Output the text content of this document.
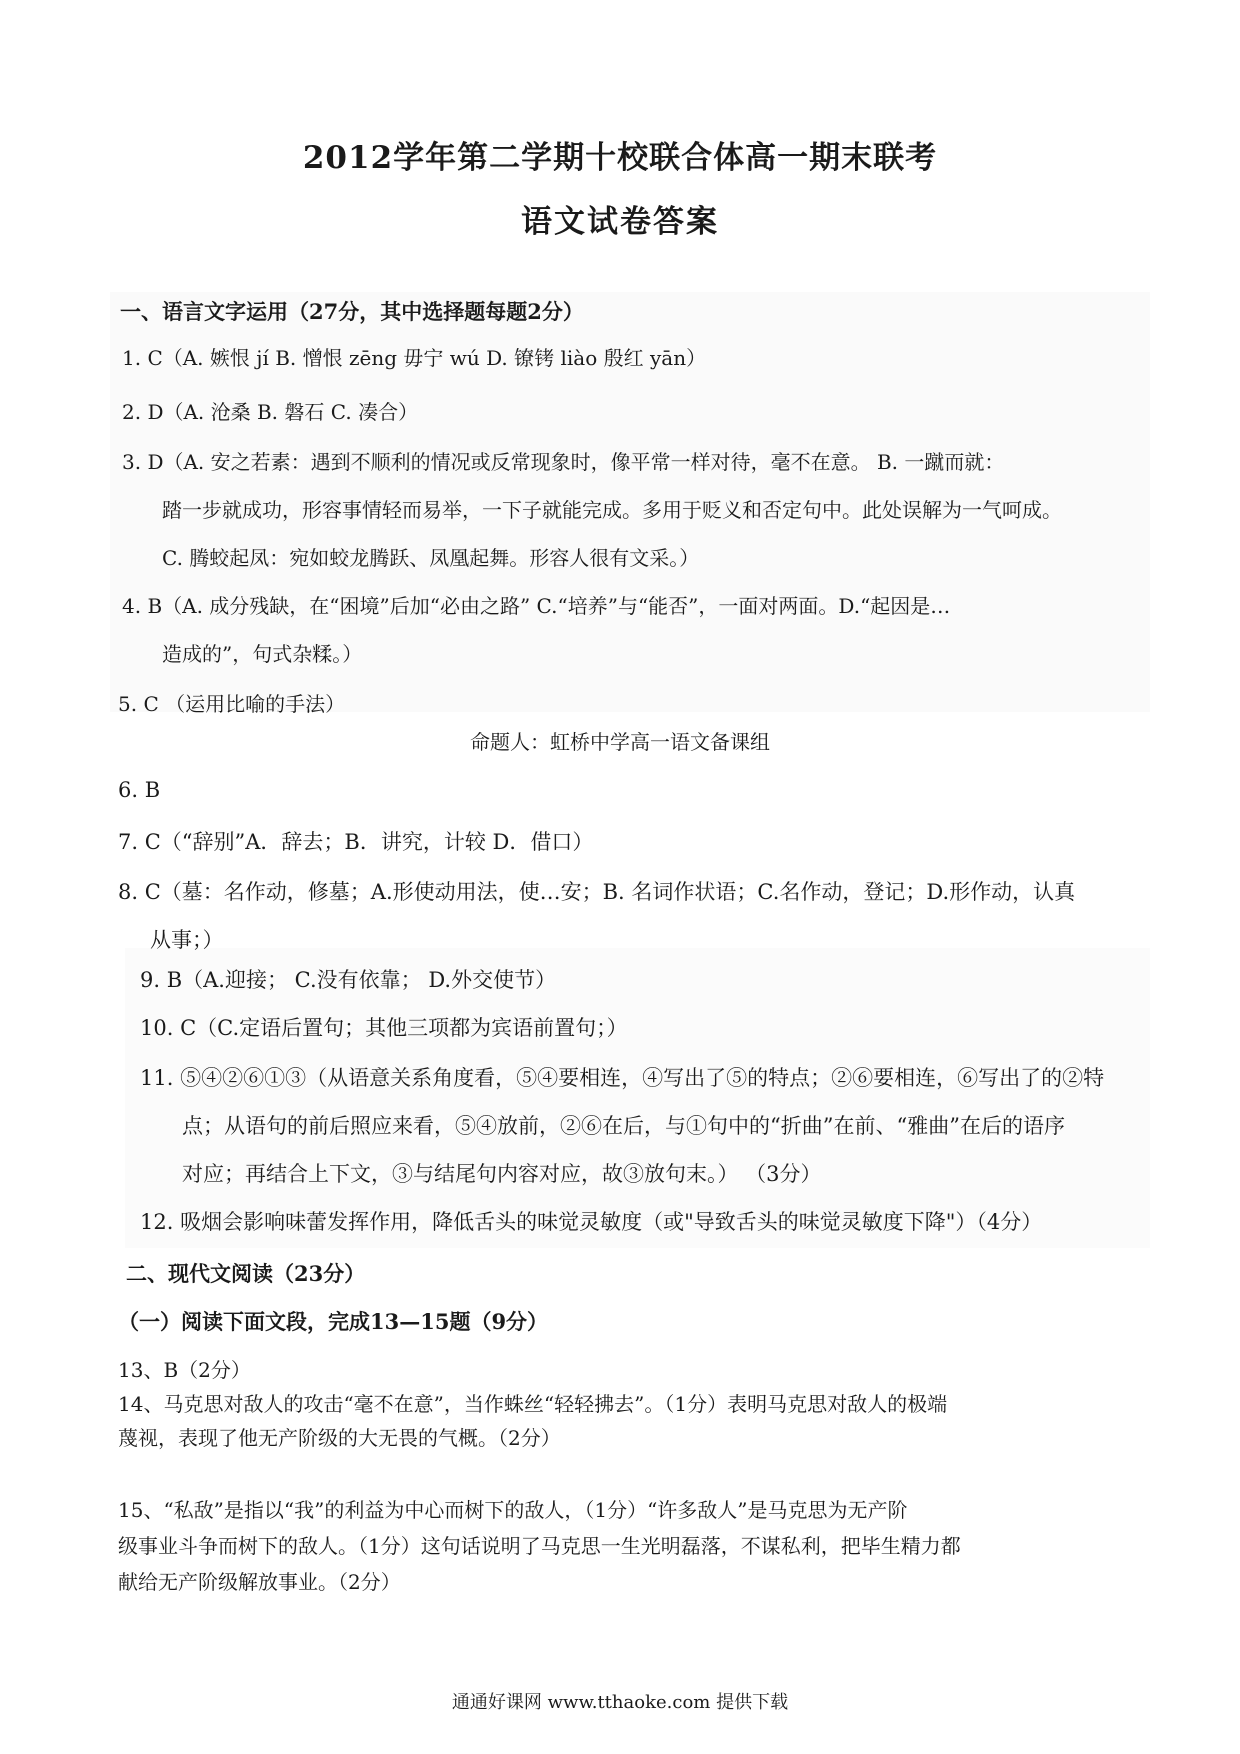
2012学年第二学期十校联合体高一期末联考
语文试卷答案
一、语言文字运用（27分，其中选择题每题2分）
1. C（A. 嫉恨 jí B. 憎恨 zēng 毋宁 wú D. 镣铐 liào 殷红 yān）
2. D（A. 沧桑 B. 磐石 C. 凑合）
3. D（A. 安之若素：遇到不顺利的情况或反常现象时，像平常一样对待，毫不在意。 B. 一蹴而就：
踏一步就成功，形容事情轻而易举，一下子就能完成。多用于贬义和否定句中。此处误解为一气呵成。
C. 腾蛟起凤：宛如蛟龙腾跃、凤凰起舞。形容人很有文采。）
4. B（A. 成分残缺，在“困境”后加“必由之路” C.“培养”与“能否”，一面对两面。D.“起因是…
造成的”，句式杂糅。）
5. C （运用比喻的手法）
命题人：虹桥中学高一语文备课组
6. B
7. C（“辞别”A．辞去；B．讲究，计较 D．借口）
8. C（墓：名作动，修墓；A.形使动用法，使…安；B. 名词作状语；C.名作动，登记；D.形作动，认真
从事；）
9. B（A.迎接； C.没有依靠； D.外交使节）
10. C（C.定语后置句；其他三项都为宾语前置句；）
11. ⑤④②⑥①③（从语意关系角度看，⑤④要相连，④写出了⑤的特点；②⑥要相连，⑥写出了的②特
点；从语句的前后照应来看，⑤④放前，②⑥在后，与①句中的“折曲”在前、“雅曲”在后的语序
对应；再结合上下文，③与结尾句内容对应，故③放句末。） （3分）
12. 吸烟会影响味蕾发挥作用，降低舌头的味觉灵敏度（或"导致舌头的味觉灵敏度下降"）（4分）
二、现代文阅读（23分）
（一）阅读下面文段，完成13—15题（9分）
13、B（2分）
14、马克思对敌人的攻击“毫不在意”，当作蛛丝“轻轻拂去”。（1分）表明马克思对敌人的极端
蔑视，表现了他无产阶级的大无畏的气概。（2分）
15、“私敌”是指以“我”的利益为中心而树下的敌人，（1分）“许多敌人”是马克思为无产阶
级事业斗争而树下的敌人。（1分）这句话说明了马克思一生光明磊落，不谋私利，把毕生精力都
献给无产阶级解放事业。（2分）
通通好课网 www.tthaoke.com 提供下载
